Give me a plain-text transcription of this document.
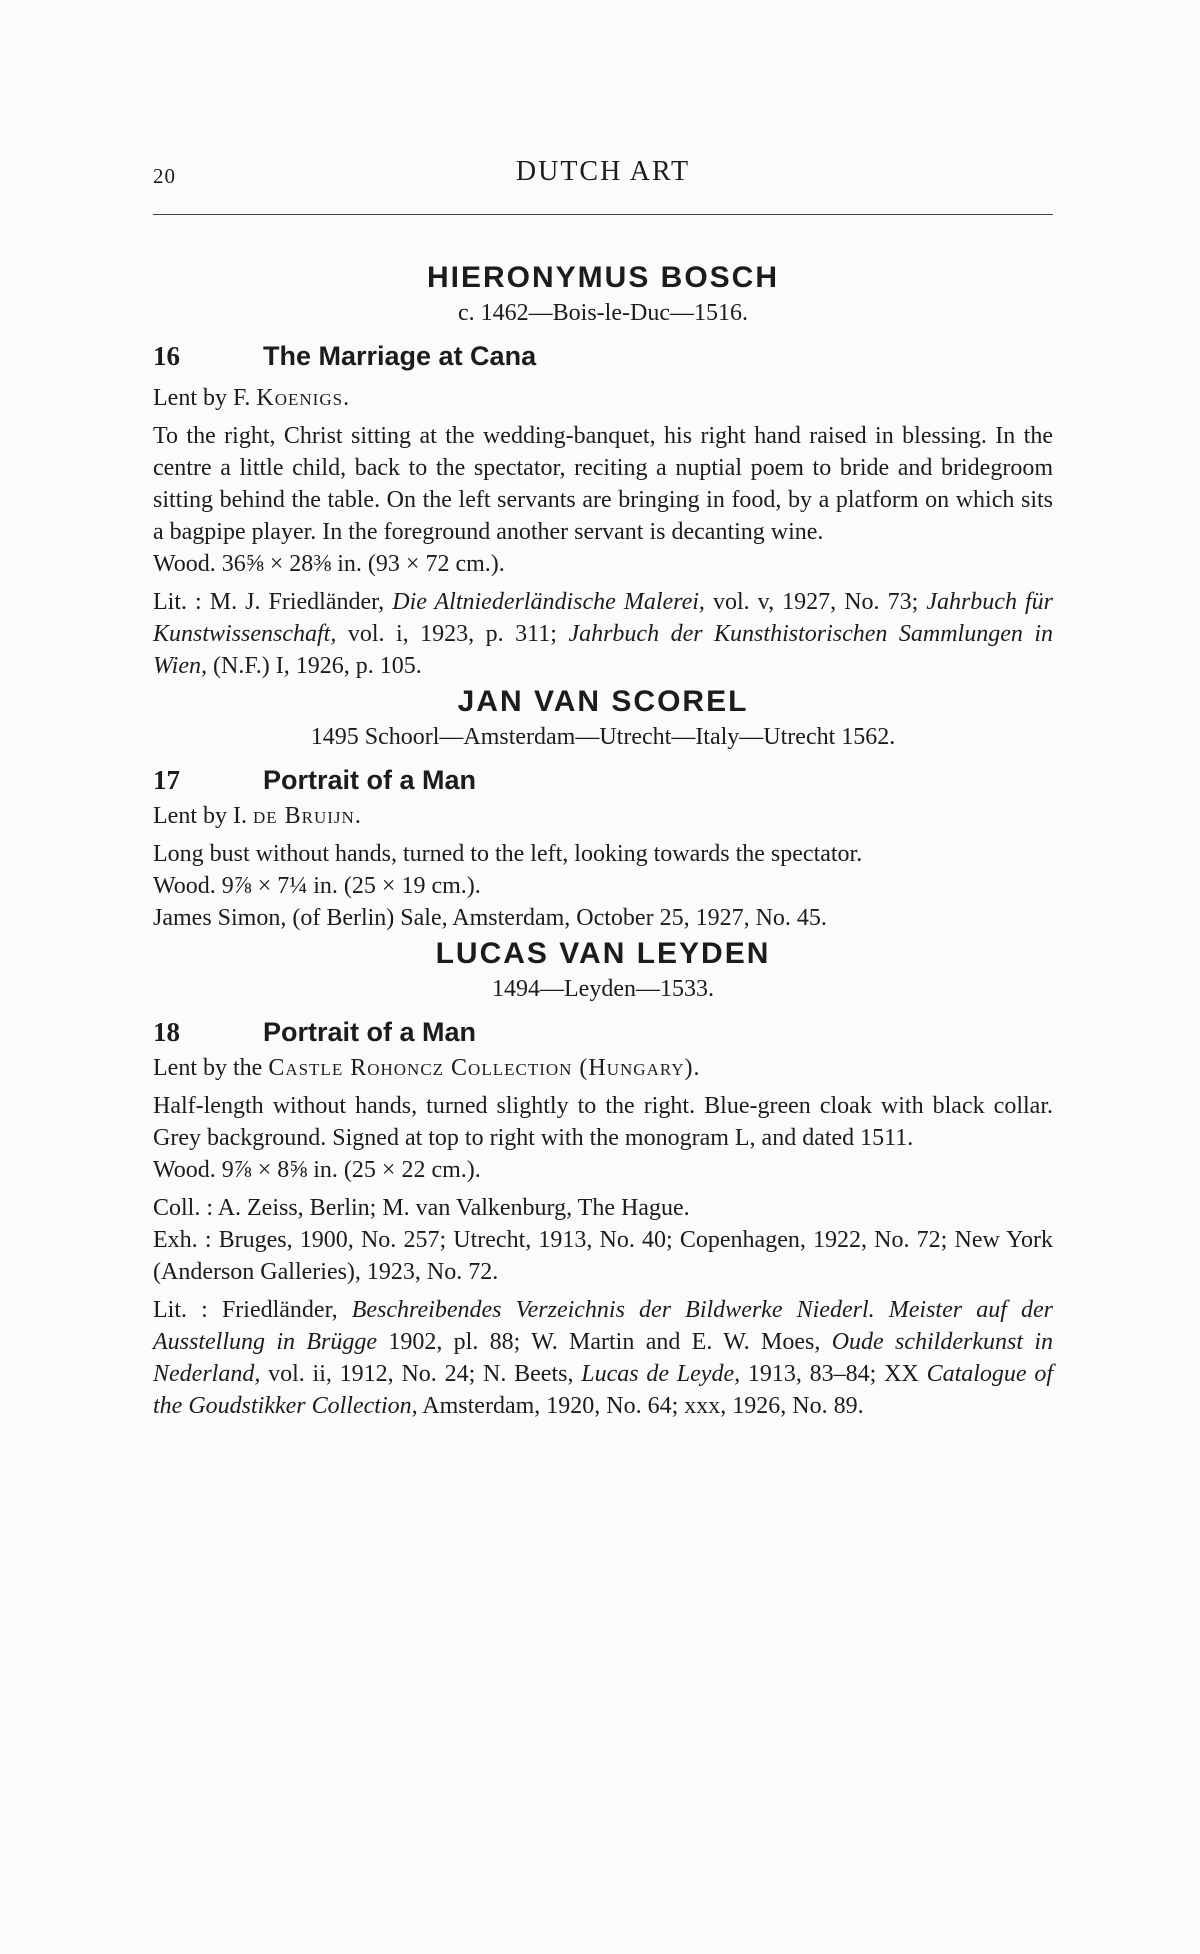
20	DUTCH ART
HIERONYMUS BOSCH

c. 1462—Bois-le-Duc—1516.

16	The Marriage at Cana

Lent by F. Koenigs.

To the right, Christ sitting at the wedding-banquet, his right hand raised in blessing. In the centre a little child, back to the spectator, reciting a nuptial poem to bride and bridegroom sitting behind the table. On the left servants are bringing in food, by a platform on which sits a bagpipe player. In the foreground another servant is decanting wine.

Wood. 36⅝ × 28⅜ in. (93 × 72 cm.).

Lit. : M. J. Friedländer, Die Altniederländische Malerei, vol. v, 1927, No. 73; Jahrbuch für Kunstwissenschaft, vol. i, 1923, p. 311; Jahrbuch der Kunsthistorischen Sammlungen in Wien, (N.F.) I, 1926, p. 105.

JAN VAN SCOREL

1495 Schoorl—Amsterdam—Utrecht—Italy—Utrecht 1562.

17	Portrait of a Man

Lent by I. de Bruijn.

Long bust without hands, turned to the left, looking towards the spectator.

Wood. 9⅞ × 7¼ in. (25 × 19 cm.).

James Simon, (of Berlin) Sale, Amsterdam, October 25, 1927, No. 45.

LUCAS VAN LEYDEN

1494—Leyden—1533.

18	Portrait of a Man

Lent by the Castle Rohoncz Collection (Hungary).

Half-length without hands, turned slightly to the right. Blue-green cloak with black collar. Grey background. Signed at top to right with the monogram L, and dated 1511.

Wood. 9⅞ × 8⅝ in. (25 × 22 cm.).

Coll. : A. Zeiss, Berlin; M. van Valkenburg, The Hague.

Exh. : Bruges, 1900, No. 257; Utrecht, 1913, No. 40; Copenhagen, 1922, No. 72; New York (Anderson Galleries), 1923, No. 72.

Lit. : Friedländer, Beschreibendes Verzeichnis der Bildwerke Niederl. Meister auf der Ausstellung in Brügge 1902, pl. 88; W. Martin and E. W. Moes, Oude schilderkunst in Nederland, vol. ii, 1912, No. 24; N. Beets, Lucas de Leyde, 1913, 83–84; XX Catalogue of the Goudstikker Collection, Amsterdam, 1920, No. 64; xxx, 1926, No. 89.
